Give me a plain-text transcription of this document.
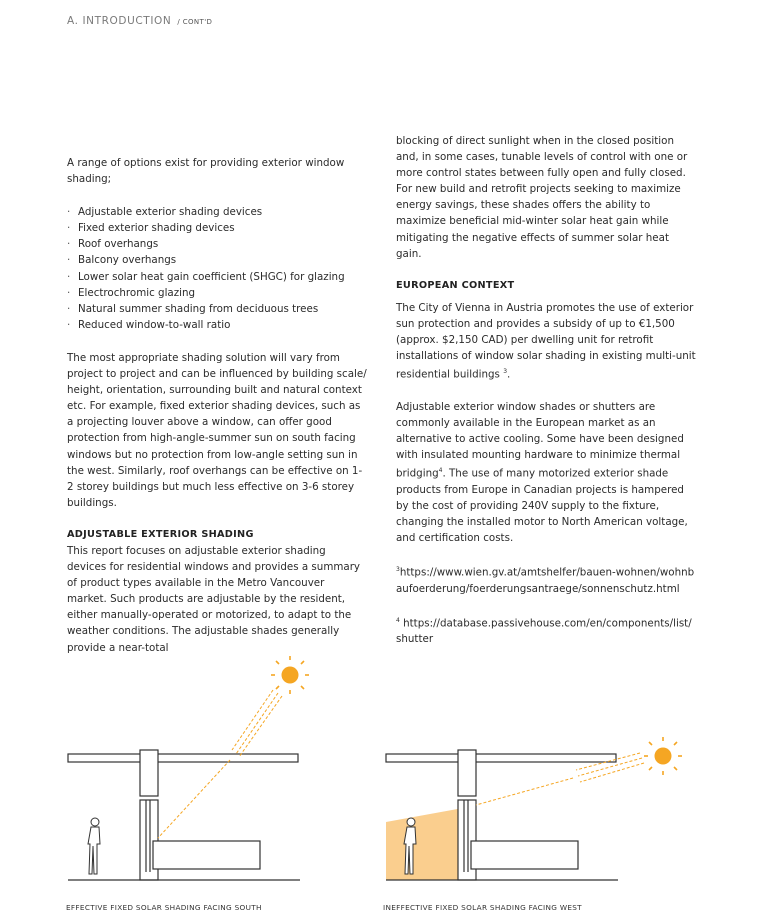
A. INTRODUCTION / CONT'D

A range of options exist for providing exterior window shading;

· Adjustable exterior shading devices
· Fixed exterior shading devices
· Roof overhangs
· Balcony overhangs
· Lower solar heat gain coefficient (SHGC) for glazing
· Electrochromic glazing
· Natural summer shading from deciduous trees
· Reduced window-to-wall ratio

The most appropriate shading solution will vary from project to project and can be influenced by building scale/ height, orientation, surrounding built and natural context etc. For example, fixed exterior shading devices, such as a projecting louver above a window, can offer good protection from high-angle-summer sun on south facing windows but no protection from low-angle setting sun in the west. Similarly, roof overhangs can be effective on 1-2 storey buildings but much less effective on 3-6 storey buildings.

ADJUSTABLE EXTERIOR SHADING

This report focuses on adjustable exterior shading devices for residential windows and provides a summary of product types available in the Metro Vancouver market. Such products are adjustable by the resident, either manually-operated or motorized, to adapt to the weather conditions. The adjustable shades generally provide a near-total

blocking of direct sunlight when in the closed position and, in some cases, tunable levels of control with one or more control states between fully open and fully closed. For new build and retrofit projects seeking to maximize energy savings, these shades offers the ability to maximize beneficial mid-winter solar heat gain while mitigating the negative effects of summer solar heat gain.

EUROPEAN CONTEXT

The City of Vienna in Austria promotes the use of exterior sun protection and provides a subsidy of up to €1,500 (approx. $2,150 CAD) per dwelling unit for retrofit installations of window solar shading in existing multi-unit residential buildings $^3$.

Adjustable exterior window shades or shutters are commonly available in the European market as an alternative to active cooling. Some have been designed with insulated mounting hardware to minimize thermal bridging$^4$. The use of many motorized exterior shade products from Europe in Canadian projects is hampered by the cost of providing 240V supply to the fixture, changing the installed motor to North American voltage, and certification costs.

$^3$https://www.wien.gv.at/amtshelfer/bauen-wohnen/wohnbaufoerderung/foerderungsantraege/sonnenschutz.html

$^4$ https://database.passivehouse.com/en/components/list/shutter

EFFECTIVE FIXED SOLAR SHADING FACING SOUTH	INEFFECTIVE FIXED SOLAR SHADING FACING WEST
